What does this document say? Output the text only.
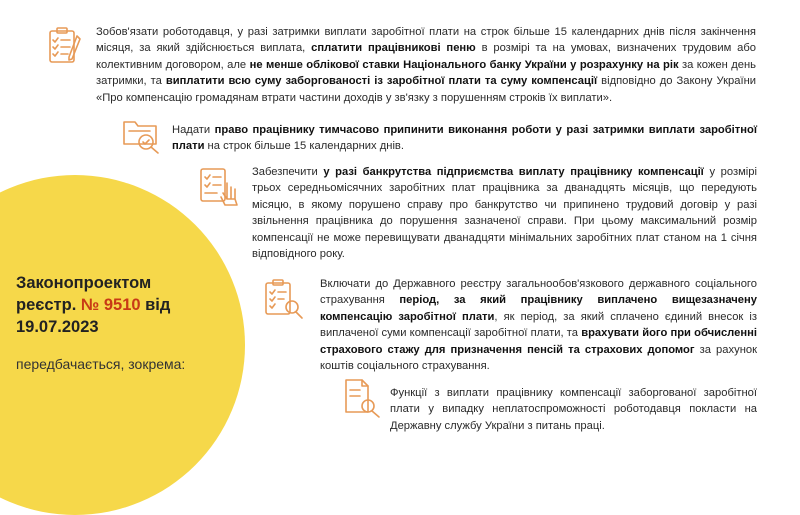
Законопроектом
реєстр. № 9510 від
19.07.2023
передбачається, зокрема:
Зобов'язати роботодавця, у разі затримки виплати заробітної плати на строк більше 15 календарних днів після закінчення місяця, за який здійснюється виплата, сплатити працівникові пеню в розмірі та на умовах, визначених трудовим або колективним договором, але не менше облікової ставки Національного банку України у розрахунку на рік за кожен день затримки, та виплатити всю суму заборгованості із заробітної плати та суму компенсації відповідно до Закону України «Про компенсацію громадянам втрати частини доходів у зв'язку з порушенням строків їх виплати».
Надати право працівнику тимчасово припинити виконання роботи у разі затримки виплати заробітної плати на строк більше 15 календарних днів.
Забезпечити у разі банкрутства підприємства виплату працівнику компенсації у розмірі трьох середньомісячних заробітних плат працівника за дванадцять місяців, що передують місяцю, в якому порушено справу про банкрутство чи припинено трудовий договір у разі звільнення працівника до порушення зазначеної справи. При цьому максимальний розмір компенсації не може перевищувати дванадцяти мінімальних заробітних плат станом на 1 січня відповідного року.
Включати до Державного реєстру загальнообов'язкового державного соціального страхування період, за який працівнику виплачено вищезазначену компенсацію заробітної плати, як період, за який сплачено єдиний внесок із виплаченої суми компенсації заробітної плати, та врахувати його при обчисленні страхового стажу для призначення пенсій та страхових допомог за рахунок коштів соціального страхування.
Функції з виплати працівнику компенсації заборгованої заробітної плати у випадку неплатоспроможності роботодавця покласти на Державну службу України з питань праці.
